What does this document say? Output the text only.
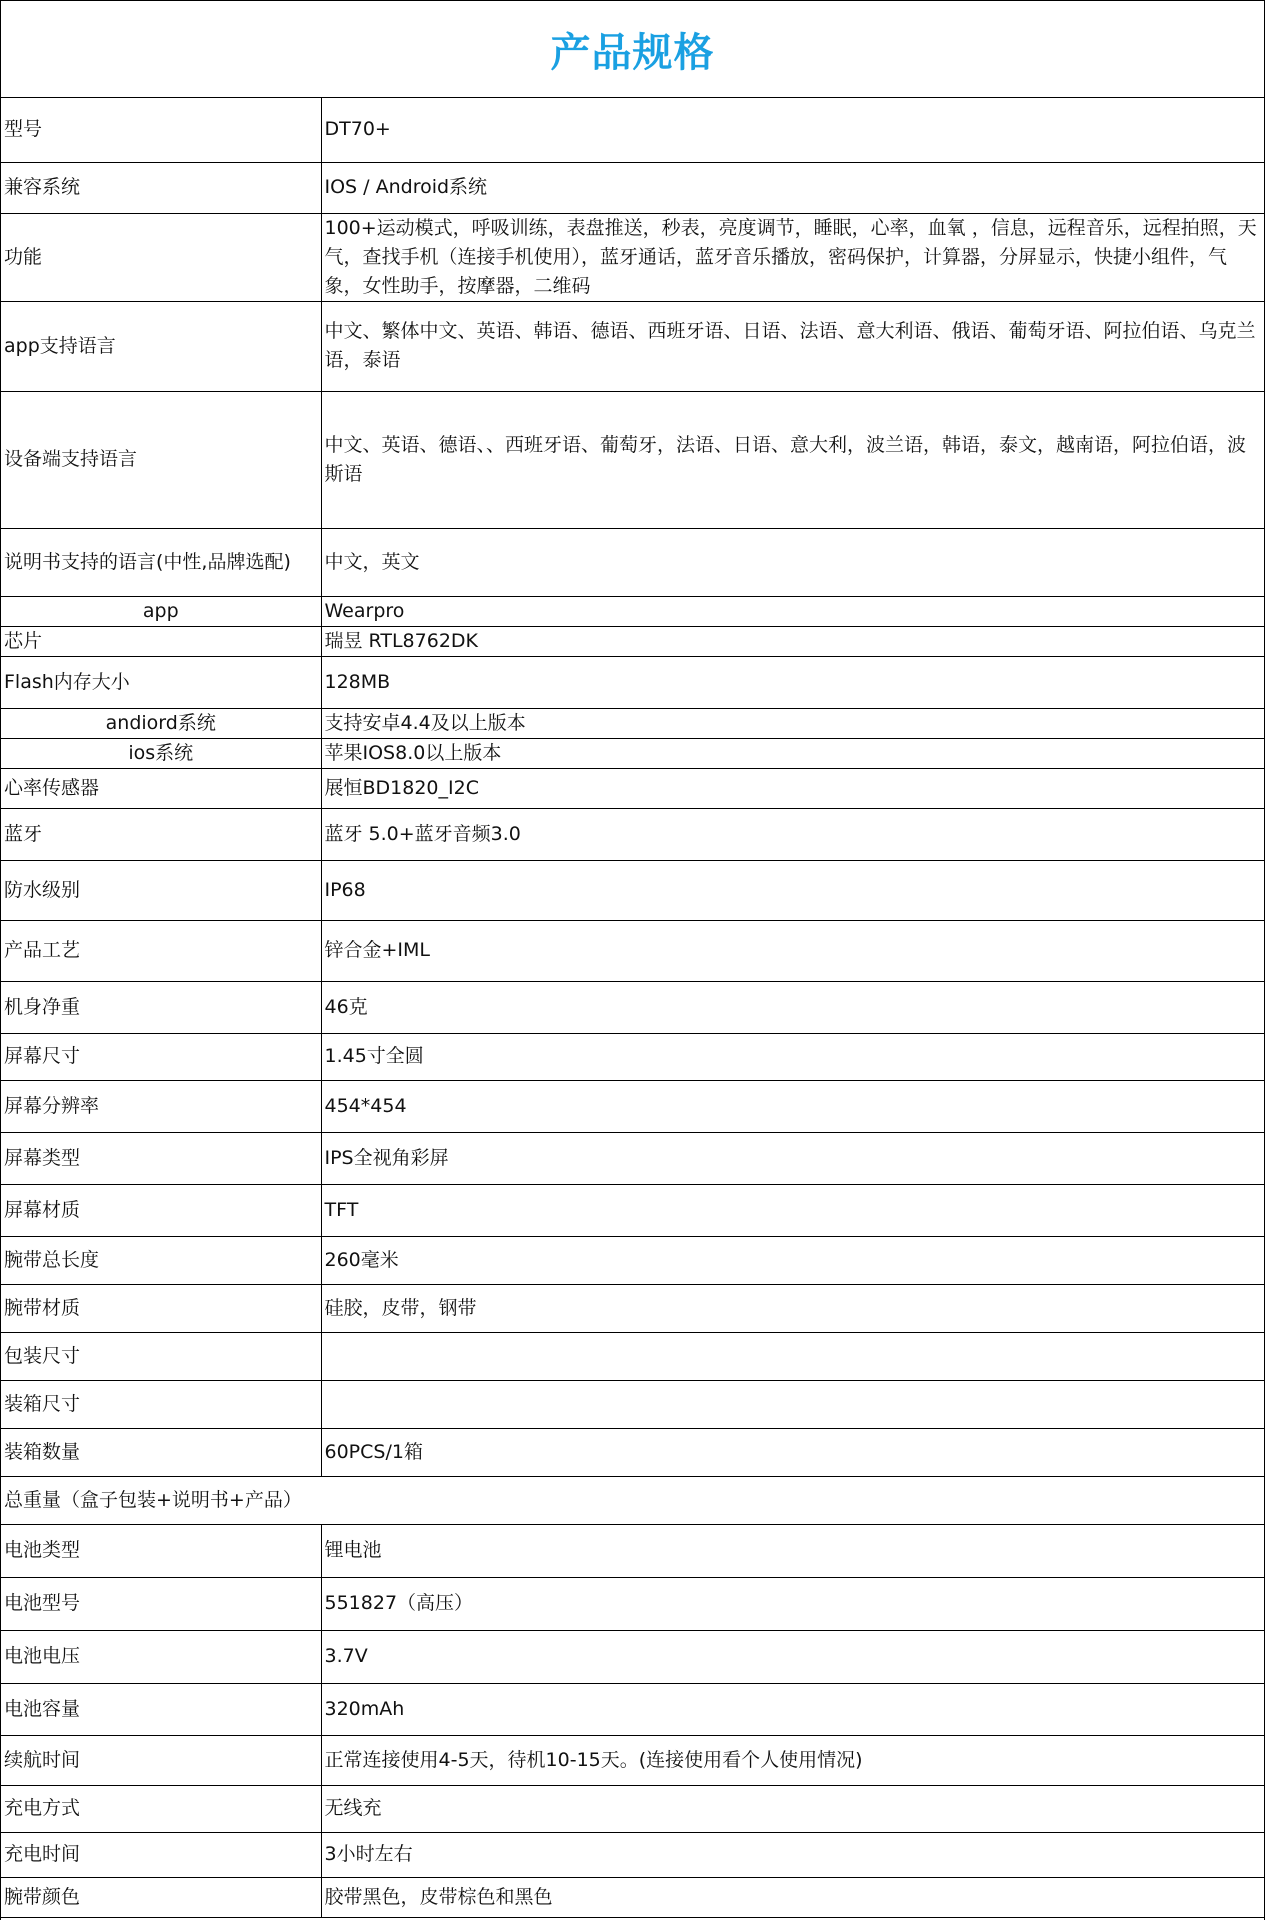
产品规格
型号	DT70+
兼容系统	IOS / Android系统
功能	100+运动模式，呼吸训练，表盘推送，秒表，亮度调节，睡眠，心率，血氧 ，信息，远程音乐，远程拍照，天气，查找手机（连接手机使用），蓝牙通话，蓝牙音乐播放，密码保护，计算器，分屏显示，快捷小组件，气象，女性助手，按摩器，二维码
app支持语言	中文、繁体中文、英语、韩语、德语、西班牙语、日语、法语、意大利语、俄语、葡萄牙语、阿拉伯语、乌克兰语，泰语
设备端支持语言	中文、英语、德语、、西班牙语、葡萄牙，法语、日语、意大利，波兰语，韩语，泰文，越南语，阿拉伯语，波斯语
说明书支持的语言(中性,品牌选配)	中文，英文
app	Wearpro
芯片	瑞昱 RTL8762DK
Flash内存大小	128MB
andiord系统	支持安卓4.4及以上版本
ios系统	苹果IOS8.0以上版本
心率传感器	展恒BD1820_I2C
蓝牙	蓝牙 5.0+蓝牙音频3.0
防水级别	IP68
产品工艺	锌合金+IML
机身净重	46克
屏幕尺寸	1.45寸全圆
屏幕分辨率	454*454
屏幕类型	IPS全视角彩屏
屏幕材质	TFT
腕带总长度	260毫米
腕带材质	硅胶，皮带，钢带
包装尺寸	
装箱尺寸	
装箱数量	60PCS/1箱
总重量（盒子包装+说明书+产品）	
电池类型	锂电池
电池型号	551827（高压）
电池电压	3.7V
电池容量	320mAh
续航时间	正常连接使用4-5天，待机10-15天。(连接使用看个人使用情况)
充电方式	无线充
充电时间	3小时左右
腕带颜色	胶带黑色，皮带棕色和黑色
